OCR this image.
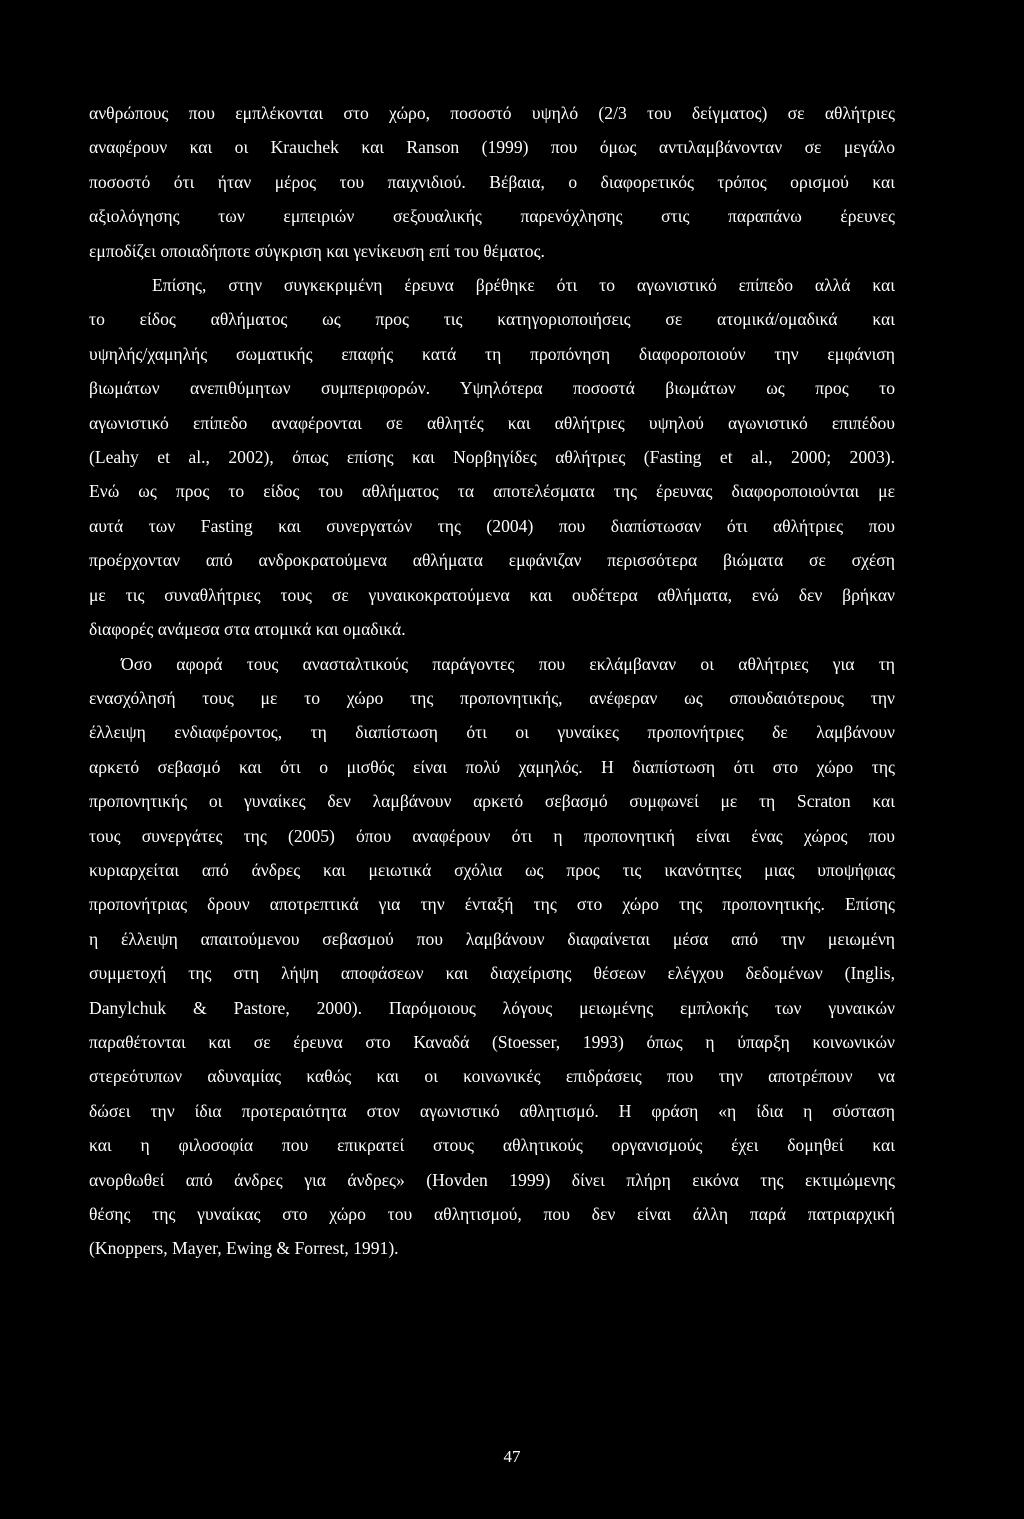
ανθρώπους που εμπλέκονται στο χώρο, ποσοστό υψηλό (2/3 του δείγματος) σε αθλήτριες
αναφέρουν και οι Krauchek και Ranson (1999) που όμως αντιλαμβάνονταν σε μεγάλο
ποσοστό ότι ήταν μέρος του παιχνιδιού. Βέβαια, ο διαφορετικός τρόπος ορισμού και
αξιολόγησης των εμπειριών σεξουαλικής παρενόχλησης στις παραπάνω έρευνες
εμποδίζει οποιαδήποτε σύγκριση και γενίκευση επί του θέματος.
Επίσης, στην συγκεκριμένη έρευνα βρέθηκε ότι το αγωνιστικό επίπεδο αλλά και
το είδος αθλήματος ως προς τις κατηγοριοποιήσεις σε ατομικά/ομαδικά και
υψηλής/χαμηλής σωματικής επαφής κατά τη προπόνηση διαφοροποιούν την εμφάνιση
βιωμάτων ανεπιθύμητων συμπεριφορών. Υψηλότερα ποσοστά βιωμάτων ως προς το
αγωνιστικό επίπεδο αναφέρονται σε αθλητές και αθλήτριες υψηλού αγωνιστικό επιπέδου
(Leahy et al., 2002), όπως επίσης και Νορβηγίδες αθλήτριες (Fasting et al., 2000; 2003).
Ενώ ως προς το είδος του αθλήματος τα αποτελέσματα της έρευνας διαφοροποιούνται με
αυτά των Fasting και συνεργατών της (2004) που διαπίστωσαν ότι αθλήτριες που
προέρχονταν από ανδροκρατούμενα αθλήματα εμφάνιζαν περισσότερα βιώματα σε σχέση
με τις συναθλήτριες τους σε γυναικοκρατούμενα και ουδέτερα αθλήματα, ενώ δεν βρήκαν
διαφορές ανάμεσα στα ατομικά και ομαδικά.
Όσο αφορά τους ανασταλτικούς παράγοντες που εκλάμβαναν οι αθλήτριες για τη
ενασχόλησή τους με το χώρο της προπονητικής, ανέφεραν ως σπουδαιότερους την
έλλειψη ενδιαφέροντος, τη διαπίστωση ότι οι γυναίκες προπονήτριες δε λαμβάνουν
αρκετό σεβασμό και ότι ο μισθός είναι πολύ χαμηλός. Η διαπίστωση ότι στο χώρο της
προπονητικής οι γυναίκες δεν λαμβάνουν αρκετό σεβασμό συμφωνεί με τη Scraton και
τους συνεργάτες της (2005) όπου αναφέρουν ότι η προπονητική είναι ένας χώρος που
κυριαρχείται από άνδρες και μειωτικά σχόλια ως προς τις ικανότητες μιας υποψήφιας
προπονήτριας δρουν αποτρεπτικά για την ένταξή της στο χώρο της προπονητικής. Επίσης
η έλλειψη απαιτούμενου σεβασμού που λαμβάνουν διαφαίνεται μέσα από την μειωμένη
συμμετοχή της στη λήψη αποφάσεων και διαχείρισης θέσεων ελέγχου δεδομένων (Inglis,
Danylchuk & Pastore, 2000). Παρόμοιους λόγους μειωμένης εμπλοκής των γυναικών
παραθέτονται και σε έρευνα στο Καναδά (Stoesser, 1993) όπως η ύπαρξη κοινωνικών
στερεότυπων αδυναμίας καθώς και οι κοινωνικές επιδράσεις που την αποτρέπουν να
δώσει την ίδια προτεραιότητα στον αγωνιστικό αθλητισμό. Η φράση «η ίδια η σύσταση
και η φιλοσοφία που επικρατεί στους αθλητικούς οργανισμούς έχει δομηθεί και
ανορθωθεί από άνδρες για άνδρες» (Hovden 1999) δίνει πλήρη εικόνα της εκτιμώμενης
θέσης της γυναίκας στο χώρο του αθλητισμού, που δεν είναι άλλη παρά πατριαρχική
(Knoppers, Mayer, Ewing & Forrest, 1991).
47
